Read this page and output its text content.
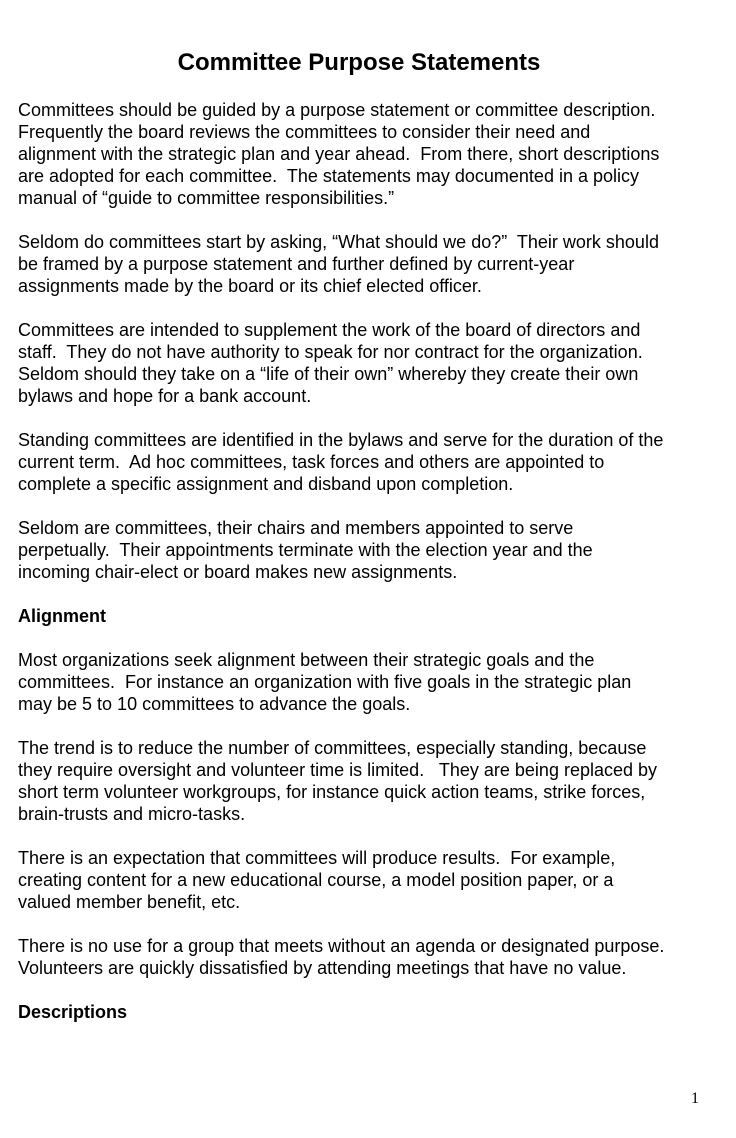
Committee Purpose Statements
Committees should be guided by a purpose statement or committee description.
Frequently the board reviews the committees to consider their need and
alignment with the strategic plan and year ahead.  From there, short descriptions
are adopted for each committee.  The statements may documented in a policy
manual of “guide to committee responsibilities.”
Seldom do committees start by asking, “What should we do?”  Their work should
be framed by a purpose statement and further defined by current-year
assignments made by the board or its chief elected officer.
Committees are intended to supplement the work of the board of directors and
staff.  They do not have authority to speak for nor contract for the organization.
Seldom should they take on a “life of their own” whereby they create their own
bylaws and hope for a bank account.
Standing committees are identified in the bylaws and serve for the duration of the
current term.  Ad hoc committees, task forces and others are appointed to
complete a specific assignment and disband upon completion.
Seldom are committees, their chairs and members appointed to serve
perpetually.  Their appointments terminate with the election year and the
incoming chair-elect or board makes new assignments.
Alignment
Most organizations seek alignment between their strategic goals and the
committees.  For instance an organization with five goals in the strategic plan
may be 5 to 10 committees to advance the goals.
The trend is to reduce the number of committees, especially standing, because
they require oversight and volunteer time is limited.   They are being replaced by
short term volunteer workgroups, for instance quick action teams, strike forces,
brain-trusts and micro-tasks.
There is an expectation that committees will produce results.  For example,
creating content for a new educational course, a model position paper, or a
valued member benefit, etc.
There is no use for a group that meets without an agenda or designated purpose.
Volunteers are quickly dissatisfied by attending meetings that have no value.
Descriptions
1
